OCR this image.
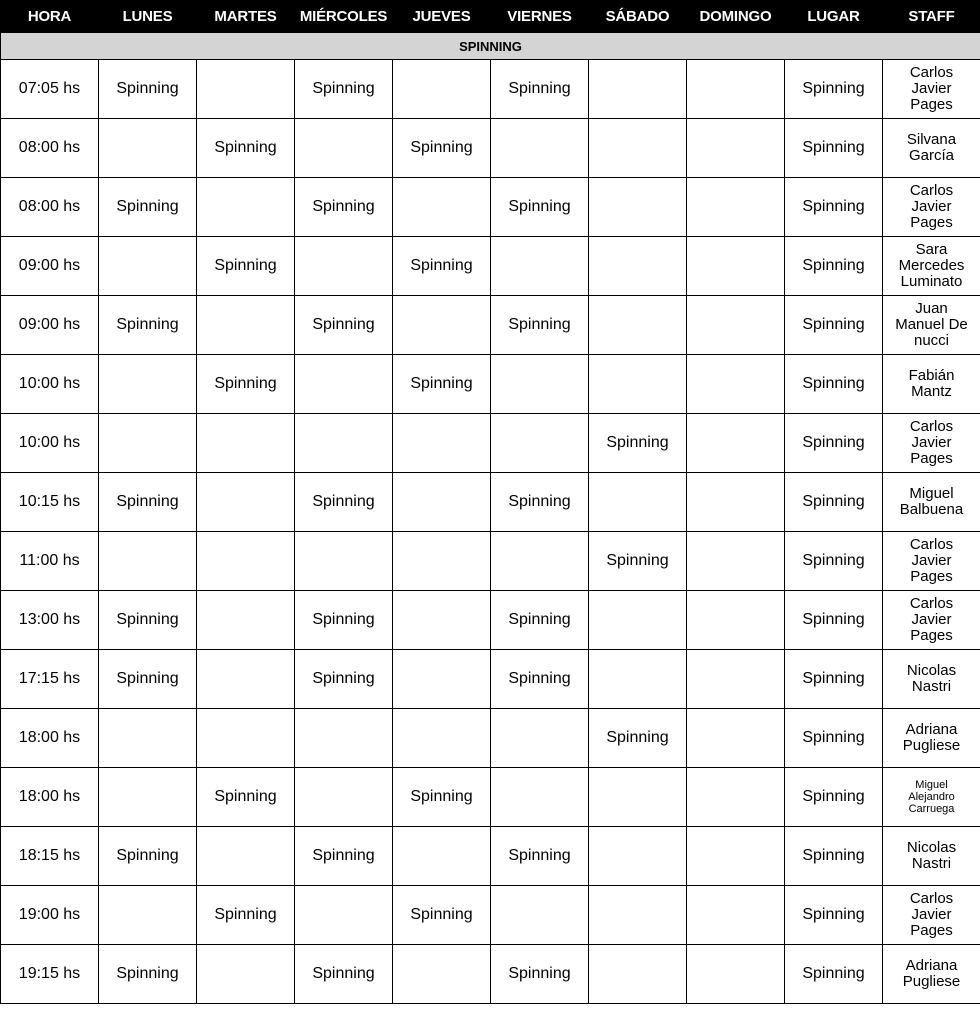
HORA	LUNES	MARTES	MIÉRCOLES	JUEVES	VIERNES	SÁBADO	DOMINGO	LUGAR	STAFF
SPINNING									
07:05 hs	Spinning		Spinning		Spinning			Spinning	Carlos
Javier
Pages
08:00 hs		Spinning		Spinning				Spinning	Silvana
García
08:00 hs	Spinning		Spinning		Spinning			Spinning	Carlos
Javier
Pages
09:00 hs		Spinning		Spinning				Spinning	Sara
Mercedes
Luminato
09:00 hs	Spinning		Spinning		Spinning			Spinning	Juan
Manuel De
nucci
10:00 hs		Spinning		Spinning				Spinning	Fabián
Mantz
10:00 hs						Spinning		Spinning	Carlos
Javier
Pages
10:15 hs	Spinning		Spinning		Spinning			Spinning	Miguel
Balbuena
11:00 hs						Spinning		Spinning	Carlos
Javier
Pages
13:00 hs	Spinning		Spinning		Spinning			Spinning	Carlos
Javier
Pages
17:15 hs	Spinning		Spinning		Spinning			Spinning	Nicolas
Nastri
18:00 hs						Spinning		Spinning	Adriana
Pugliese
18:00 hs		Spinning		Spinning				Spinning	Miguel
Alejandro
Carruega
18:15 hs	Spinning		Spinning		Spinning			Spinning	Nicolas
Nastri
19:00 hs		Spinning		Spinning				Spinning	Carlos
Javier
Pages
19:15 hs	Spinning		Spinning		Spinning			Spinning	Adriana
Pugliese
